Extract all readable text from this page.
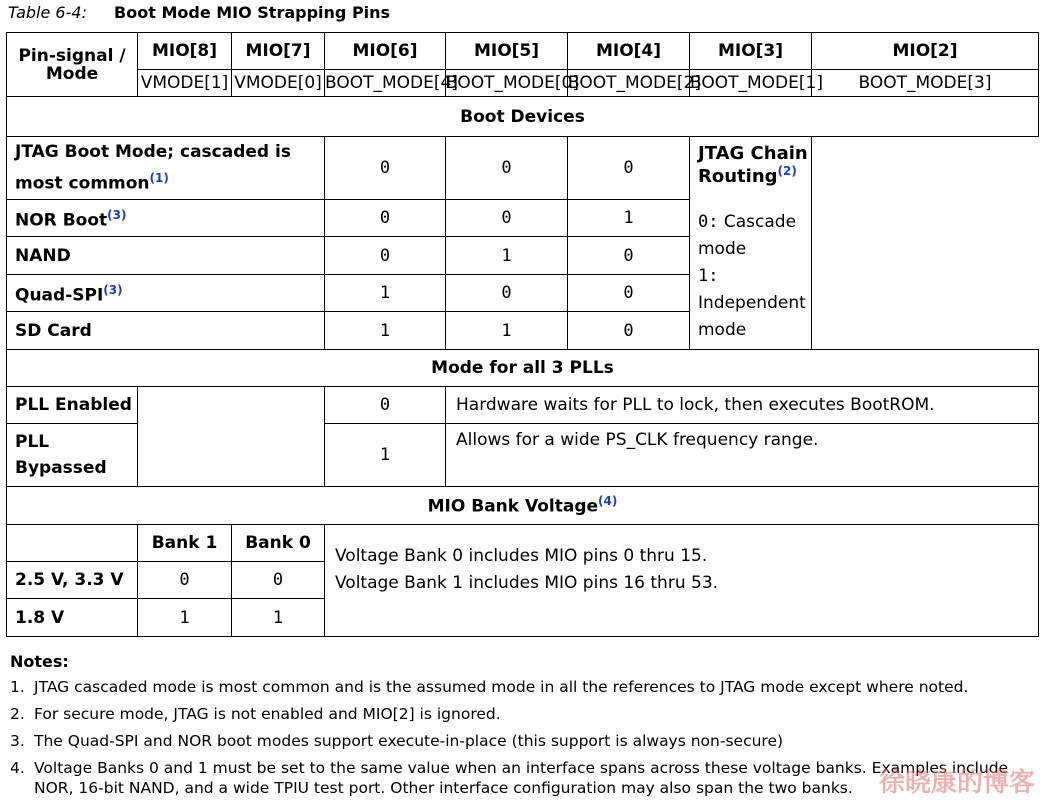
Table 6-4: Boot Mode MIO Strapping Pins
Pin-signal /
Mode	MIO[8]	MIO[7]	MIO[6]	MIO[5]	MIO[4]	MIO[3]	MIO[2]
	VMODE[1]	VMODE[0]	BOOT_MODE[4]	BOOT_MODE[0]	BOOT_MODE[2]	BOOT_MODE[1]	BOOT_MODE[3]
Boot Devices							
JTAG Boot Mode; cascaded is most common$^{(1)}$			0	0	0	JTAG Chain Routing$^{(2)}$
0: Cascade mode
1: Independent mode	

NOR Boot$^{(3)}$			0	0	1		
NAND			0	1	0		
Quad-SPI$^{(3)}$			1	0	0		
SD Card			1	1	0		
Mode for all 3 PLLs							
PLL Enabled			0	Hardware waits for PLL to lock, then executes BootROM.			
PLL
Bypassed			1	Allows for a wide PS_CLK frequency range.			
MIO Bank Voltage$^{(4)}$
	Bank 1	Bank 0	Voltage Bank 0 includes MIO pins 0 thru 15.
Voltage Bank 1 includes MIO pins 16 thru 53.				

2.5 V, 3.3 V	0	0					
1.8 V	1	1					
Notes:
1. JTAG cascaded mode is most common and is the assumed mode in all the references to JTAG mode except where noted.
2. For secure mode, JTAG is not enabled and MIO[2] is ignored.
3. The Quad-SPI and NOR boot modes support execute-in-place (this support is always non-secure)
4. Voltage Banks 0 and 1 must be set to the same value when an interface spans across these voltage banks. Examples include NOR, 16-bit NAND, and a wide TPIU test port. Other interface configuration may also span the two banks.	徐晓康的博客
